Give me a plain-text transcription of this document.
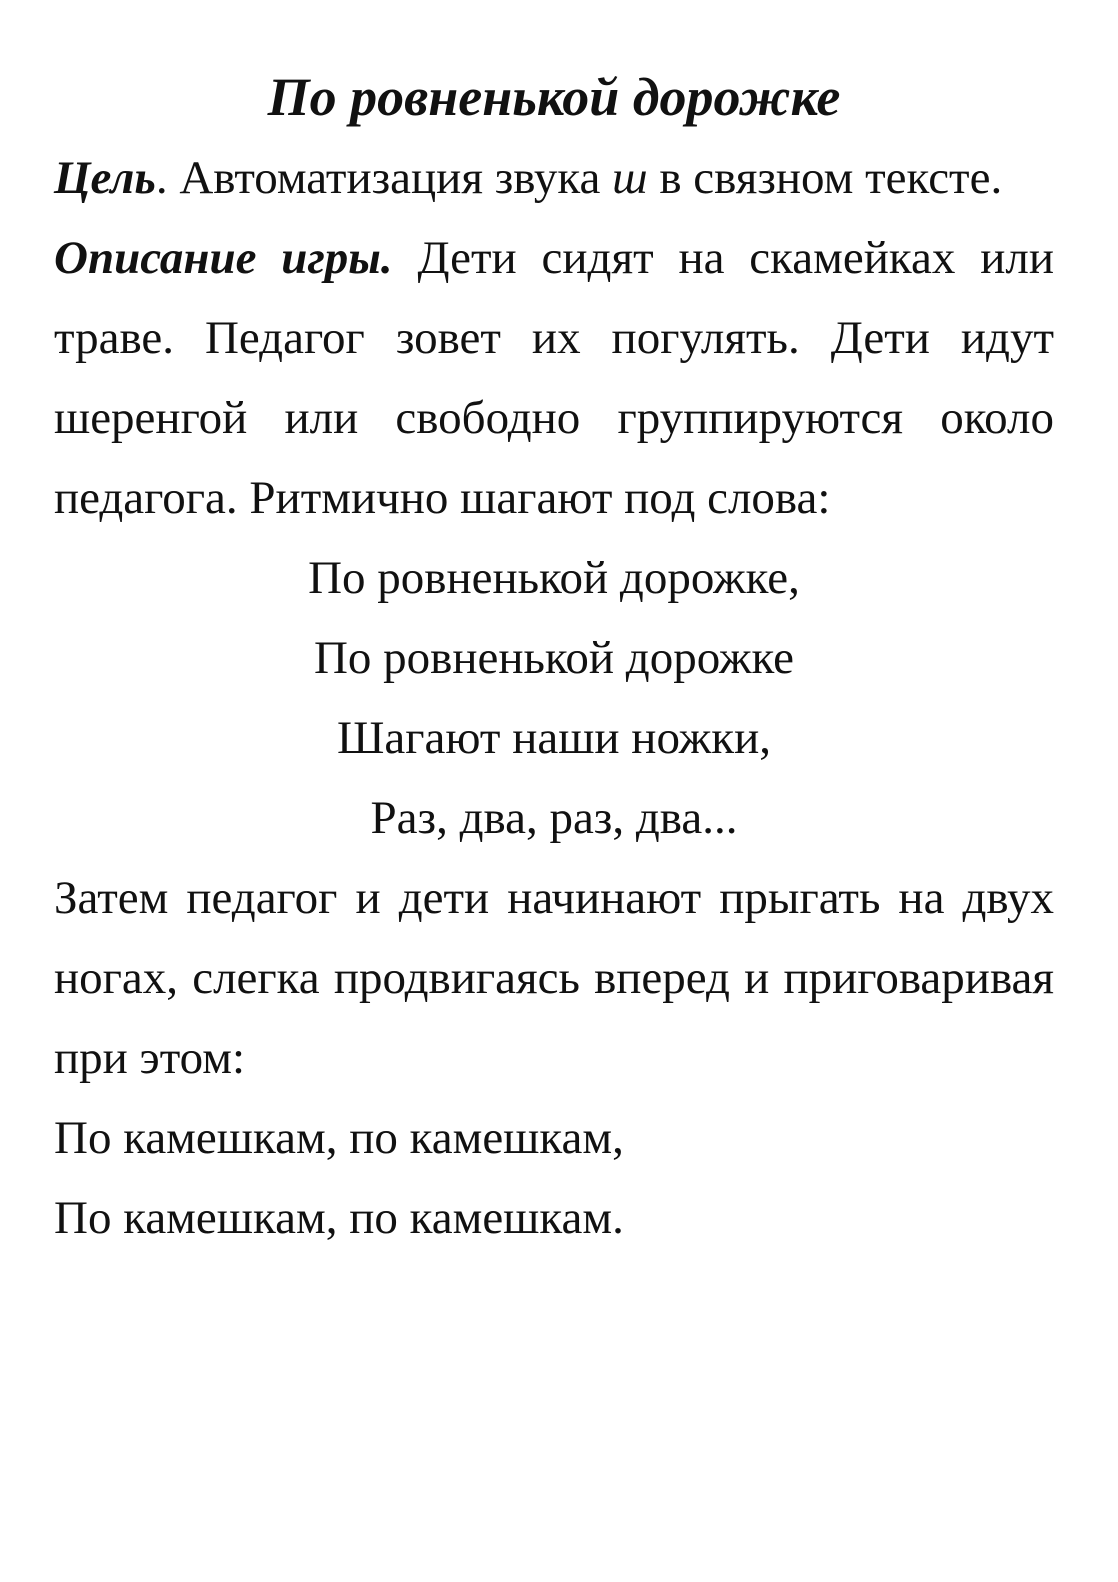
По ровненькой дорожке

Цель. Автоматизация звука ш в связном тексте.

Описание игры. Дети сидят на скамейках или траве. Педагог зовет их погулять. Дети идут шеренгой или свободно группируются около педагога. Ритмично шагают под слова:

По ровненькой дорожке,
По ровненькой дорожке
Шагают наши ножки,
Раз, два, раз, два...

Затем педагог и дети начинают прыгать на двух ногах, слегка продвигаясь вперед и приговаривая при этом:

По камешкам, по камешкам,
По камешкам, по камешкам.
